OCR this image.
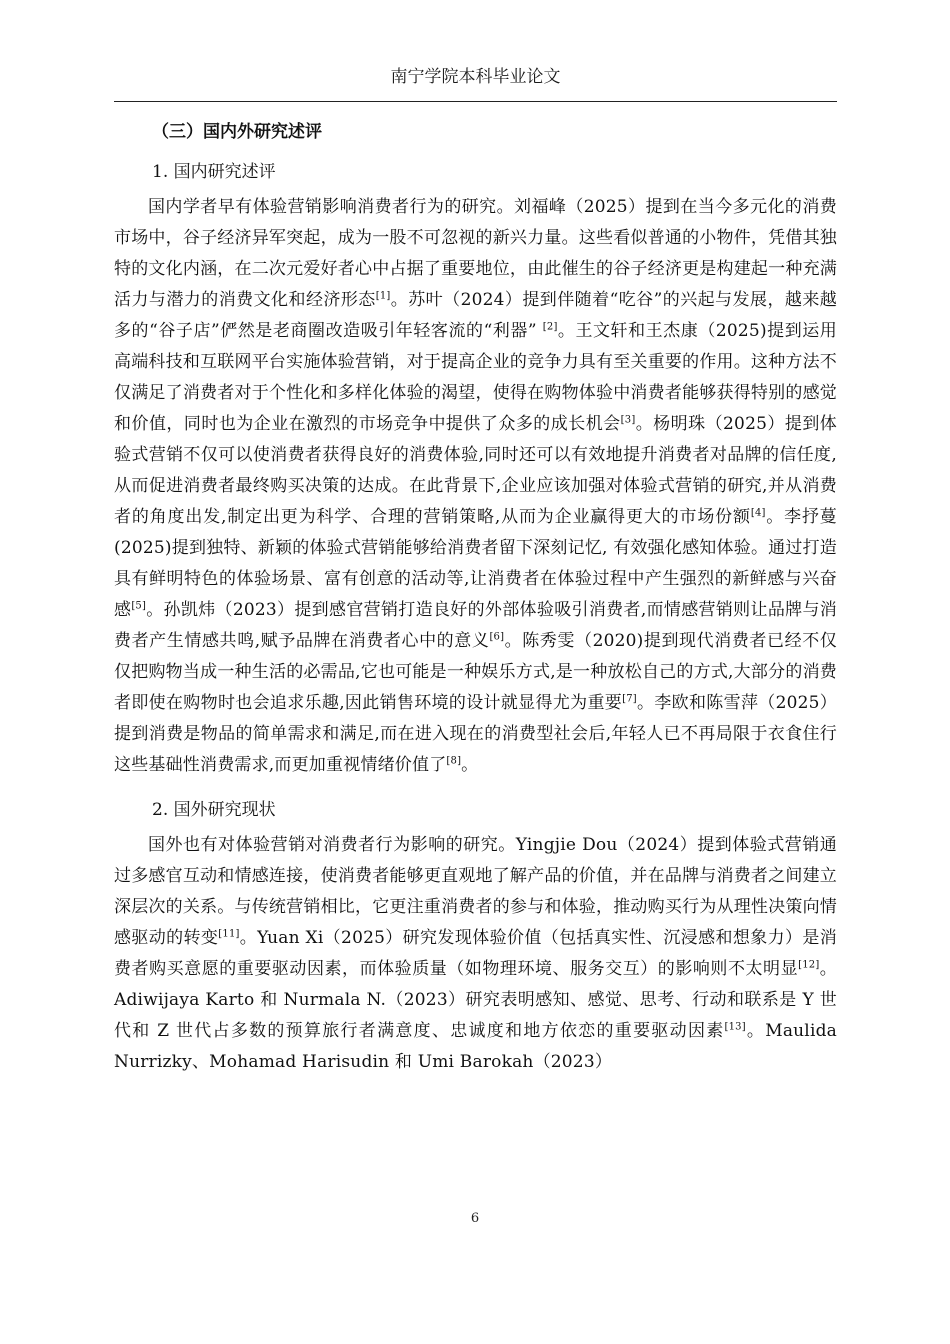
南宁学院本科毕业论文
（三）国内外研究述评
1. 国内研究述评

国内学者早有体验营销影响消费者行为的研究。刘福峰（2025）提到在当今多元化的消费市场中，谷子经济异军突起，成为一股不可忽视的新兴力量。这些看似普通的小物件，凭借其独特的文化内涵，在二次元爱好者心中占据了重要地位，由此催生的谷子经济更是构建起一种充满活力与潜力的消费文化和经济形态[1]。苏叶（2024）提到伴随着“吃谷”的兴起与发展，越来越多的“谷子店”俨然是老商圈改造吸引年轻客流的“利器” [2]。王文轩和王杰康（2025)提到运用高端科技和互联网平台实施体验营销，对于提高企业的竞争力具有至关重要的作用。这种方法不仅满足了消费者对于个性化和多样化体验的渴望，使得在购物体验中消费者能够获得特别的感觉和价值，同时也为企业在激烈的市场竞争中提供了众多的成长机会[3]。杨明珠（2025）提到体验式营销不仅可以使消费者获得良好的消费体验,同时还可以有效地提升消费者对品牌的信任度,从而促进消费者最终购买决策的达成。在此背景下,企业应该加强对体验式营销的研究,并从消费者的角度出发,制定出更为科学、合理的营销策略,从而为企业赢得更大的市场份额[4]。李抒蔓(2025)提到独特、新颖的体验式营销能够给消费者留下深刻记忆, 有效强化感知体验。通过打造具有鲜明特色的体验场景、富有创意的活动等,让消费者在体验过程中产生强烈的新鲜感与兴奋感[5]。孙凯炜（2023）提到感官营销打造良好的外部体验吸引消费者,而情感营销则让品牌与消费者产生情感共鸣,赋予品牌在消费者心中的意义[6]。陈秀雯（2020)提到现代消费者已经不仅仅把购物当成一种生活的必需品,它也可能是一种娱乐方式,是一种放松自己的方式,大部分的消费者即使在购物时也会追求乐趣,因此销售环境的设计就显得尤为重要[7]。李欧和陈雪萍（2025）提到消费是物品的简单需求和满足,而在进入现在的消费型社会后,年轻人已不再局限于衣食住行这些基础性消费需求,而更加重视情绪价值了[8]。

2. 国外研究现状

国外也有对体验营销对消费者行为影响的研究。Yingjie Dou（2024）提到体验式营销通过多感官互动和情感连接，使消费者能够更直观地了解产品的价值，并在品牌与消费者之间建立深层次的关系。与传统营销相比，它更注重消费者的参与和体验，推动购买行为从理性决策向情感驱动的转变[11]。Yuan Xi（2025）研究发现体验价值（包括真实性、沉浸感和想象力）是消费者购买意愿的重要驱动因素，而体验质量（如物理环境、服务交互）的影响则不太明显[12]。Adiwijaya Karto 和 Nurmala N.（2023）研究表明感知、感觉、思考、行动和联系是 Y 世代和 Z 世代占多数的预算旅行者满意度、忠诚度和地方依恋的重要驱动因素[13]。Maulida Nurrizky、Mohamad Harisudin 和 Umi Barokah（2023）

6
